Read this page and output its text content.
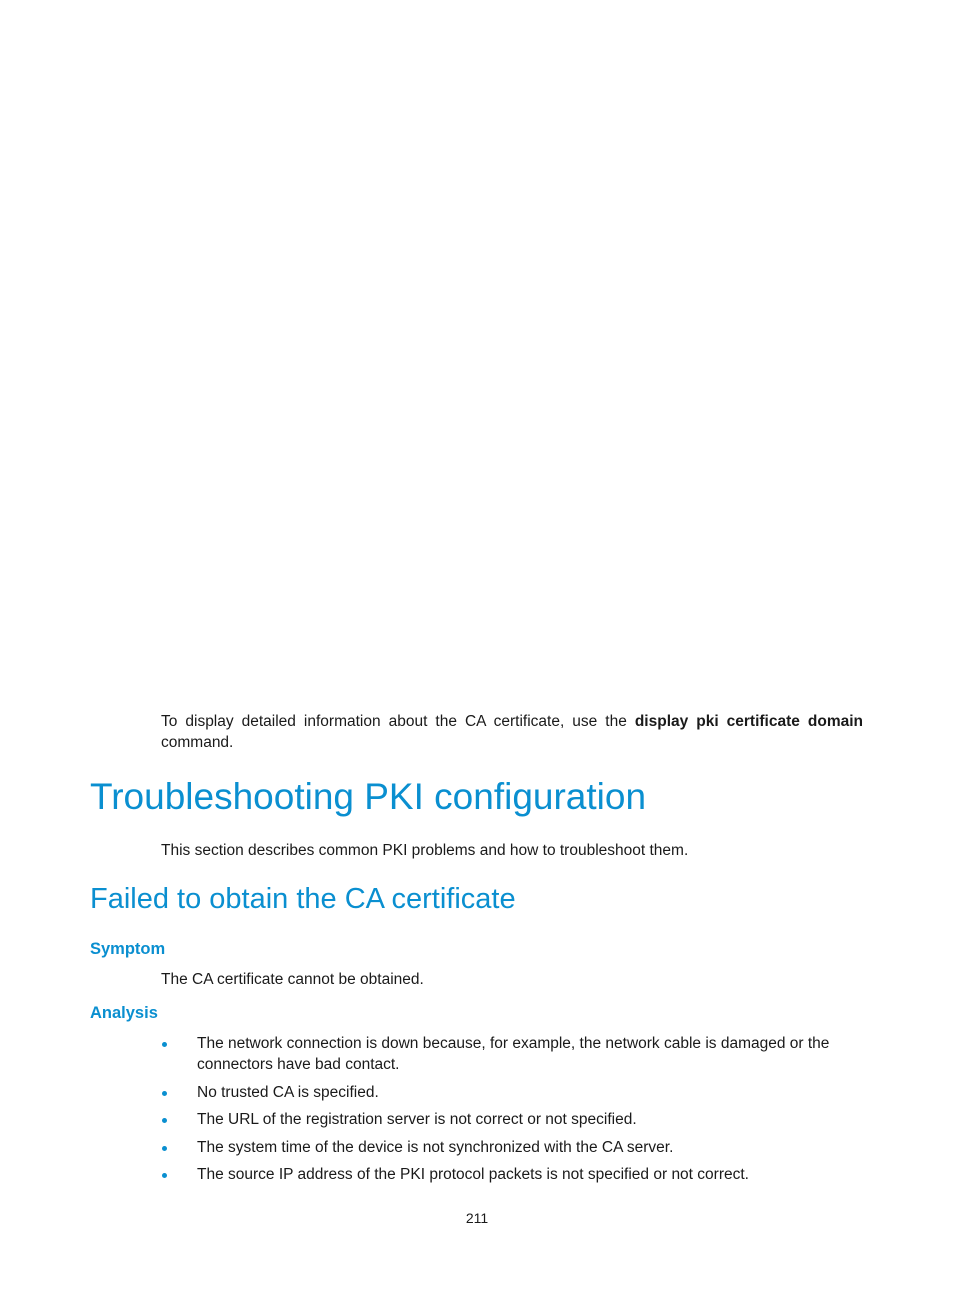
To display detailed information about the CA certificate, use the display pki certificate domain command.

Troubleshooting PKI configuration

This section describes common PKI problems and how to troubleshoot them.

Failed to obtain the CA certificate
Symptom

The CA certificate cannot be obtained.

Analysis
The network connection is down because, for example, the network cable is damaged or the connectors have bad contact.
No trusted CA is specified.
The URL of the registration server is not correct or not specified.
The system time of the device is not synchronized with the CA server.
The source IP address of the PKI protocol packets is not specified or not correct.

211
